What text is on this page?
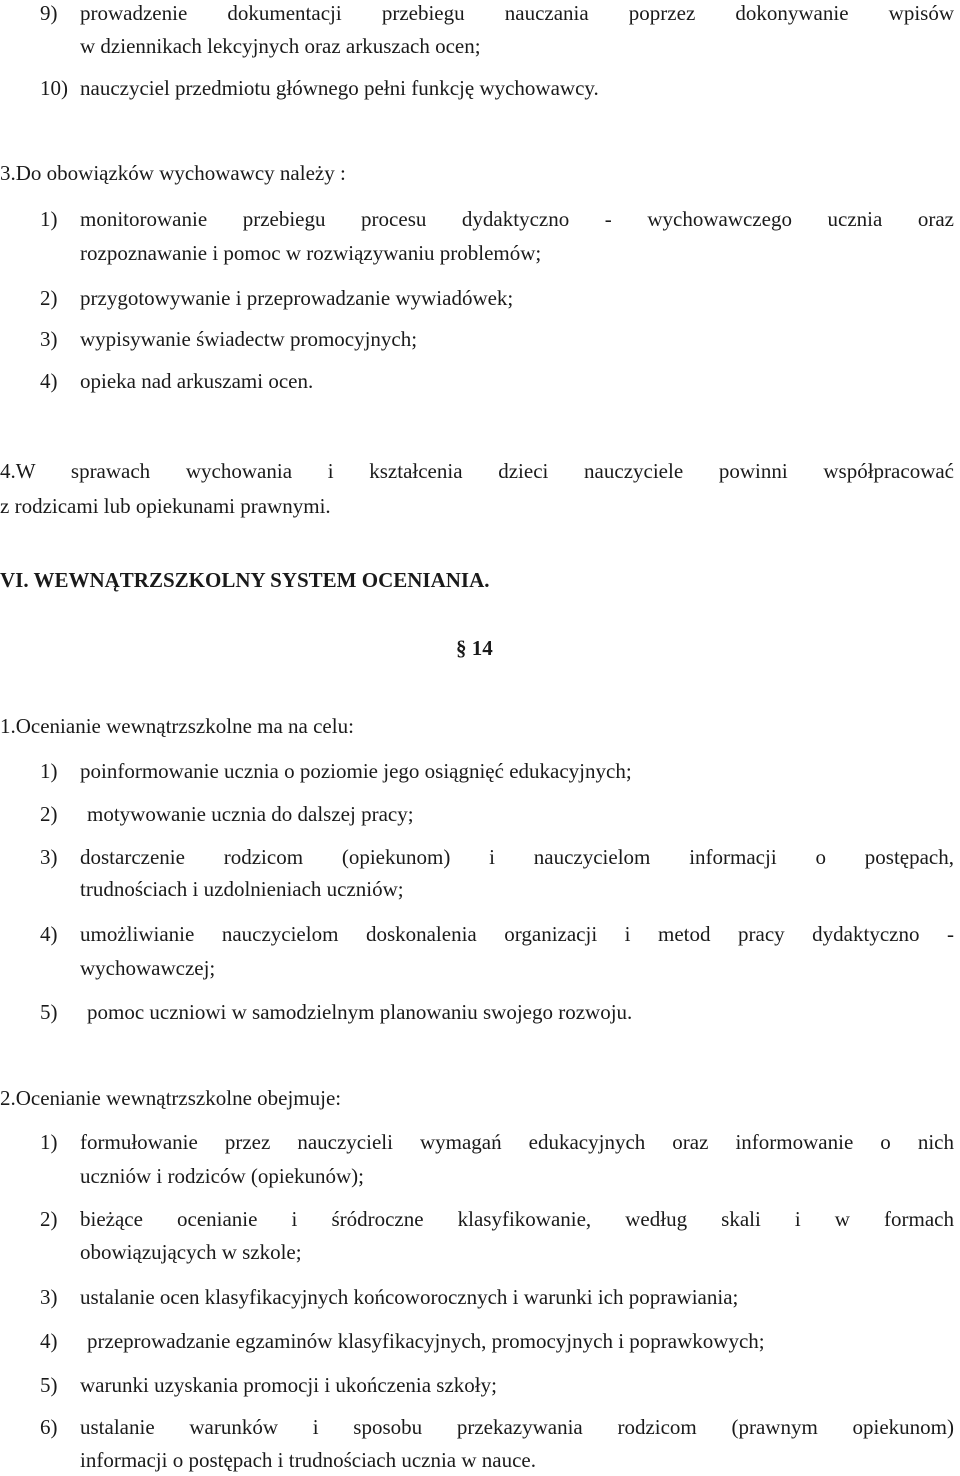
9) prowadzenie dokumentacji przebiegu nauczania poprzez dokonywanie wpisów
w dziennikach lekcyjnych oraz arkuszach ocen;
10) nauczyciel przedmiotu głównego pełni funkcję wychowawcy.
3.Do obowiązków wychowawcy należy :
1) monitorowanie przebiegu procesu dydaktyczno - wychowawczego ucznia oraz
rozpoznawanie i pomoc w rozwiązywaniu problemów;
2) przygotowywanie i przeprowadzanie wywiadówek;
3) wypisywanie świadectw promocyjnych;
4) opieka nad arkuszami ocen.
4.W sprawach wychowania i kształcenia dzieci nauczyciele powinni współpracować
z rodzicami lub opiekunami prawnymi.
VI. WEWNĄTRZSZKOLNY SYSTEM OCENIANIA.
§ 14
1.Ocenianie wewnątrzszkolne ma na celu:
1) poinformowanie ucznia o poziomie jego osiągnięć edukacyjnych;
2) motywowanie ucznia do dalszej pracy;
3) dostarczenie rodzicom (opiekunom) i nauczycielom informacji o postępach,
trudnościach i uzdolnieniach uczniów;
4) umożliwianie nauczycielom doskonalenia organizacji i metod pracy dydaktyczno -
wychowawczej;
5) pomoc uczniowi w samodzielnym planowaniu swojego rozwoju.
2.Ocenianie wewnątrzszkolne obejmuje:
1) formułowanie przez nauczycieli wymagań edukacyjnych oraz informowanie o nich
uczniów i rodziców (opiekunów);
2) bieżące ocenianie i śródroczne klasyfikowanie, według skali i w formach
obowiązujących w szkole;
3) ustalanie ocen klasyfikacyjnych końcoworocznych i warunki ich poprawiania;
4) przeprowadzanie egzaminów klasyfikacyjnych, promocyjnych i poprawkowych;
5) warunki uzyskania promocji i ukończenia szkoły;
6) ustalanie warunków i sposobu przekazywania rodzicom (prawnym opiekunom)
informacji o postępach i trudnościach ucznia w nauce.
